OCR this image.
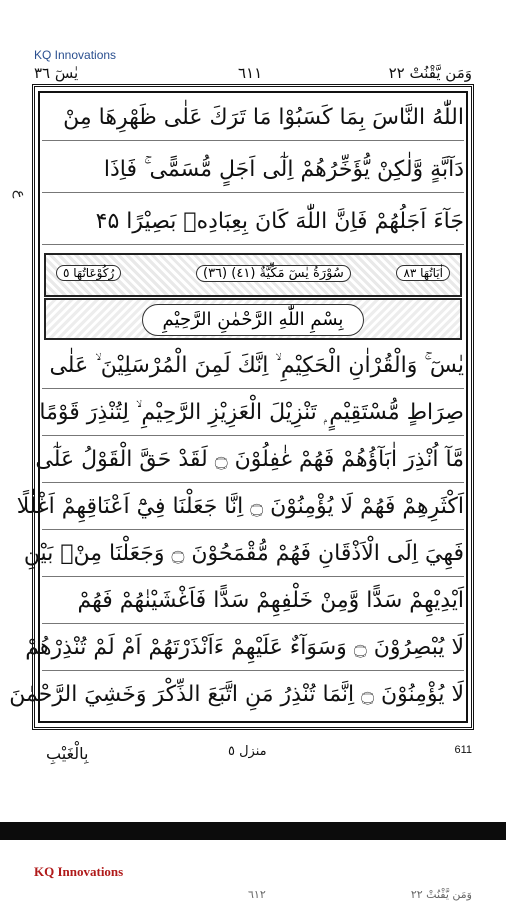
KQ Innovations
يٰسٓ ٣٦	٦١١	وَمَن يَّقْنُتْ ٢٢
ع
اللّٰهُ النَّاسَ بِمَا كَسَبُوْا مَا تَرَكَ عَلٰى ظَهْرِهَا مِنْ
دَآبَّةٍ وَّلٰكِنْ يُّؤَخِّرُهُمْ اِلٰٓى اَجَلٍ مُّسَمًّى ۚ فَاِذَا
جَآءَ اَجَلُهُمْ فَاِنَّ اللّٰهَ كَانَ بِعِبَادِهٖ بَصِيْرًا ۴۵
رُكُوْعَاتُهَا ٥	(٣٦) سُوْرَةُ يٰسٓ مَكِّيَّةٌ (٤١)	اٰيَاتُهَا ٨٣
بِسْمِ اللّٰهِ الرَّحْمٰنِ الرَّحِيْمِ
يٰسٓ ۚ وَالْقُرْاٰنِ الْحَكِيْمِ ۙ اِنَّكَ لَمِنَ الْمُرْسَلِيْنَ ۙ عَلٰى
صِرَاطٍ مُّسْتَقِيْمٍ ۭ تَنْزِيْلَ الْعَزِيْزِ الرَّحِيْمِ ۙ لِتُنْذِرَ قَوْمًا
مَّآ اُنْذِرَ اٰبَآؤُهُمْ فَهُمْ غٰفِلُوْنَ ۝ لَقَدْ حَقَّ الْقَوْلُ عَلٰٓى
اَكْثَرِهِمْ فَهُمْ لَا يُؤْمِنُوْنَ ۝ اِنَّا جَعَلْنَا فِيْٓ اَعْنَاقِهِمْ اَغْلٰلًا
فَهِيَ اِلَى الْاَذْقَانِ فَهُمْ مُّقْمَحُوْنَ ۝ وَجَعَلْنَا مِنْۢ بَيْنِ
اَيْدِيْهِمْ سَدًّا وَّمِنْ خَلْفِهِمْ سَدًّا فَاَغْشَيْنٰهُمْ فَهُمْ
لَا يُبْصِرُوْنَ ۝ وَسَوَآءٌ عَلَيْهِمْ ءَاَنْذَرْتَهُمْ اَمْ لَمْ تُنْذِرْهُمْ
لَا يُؤْمِنُوْنَ ۝ اِنَّمَا تُنْذِرُ مَنِ اتَّبَعَ الذِّكْرَ وَخَشِيَ الرَّحْمٰنَ
بِالْغَيْبِ	منزل ٥	611
KQ Innovations
٦١٢	وَمَن يَّقْنُتْ ٢٢
